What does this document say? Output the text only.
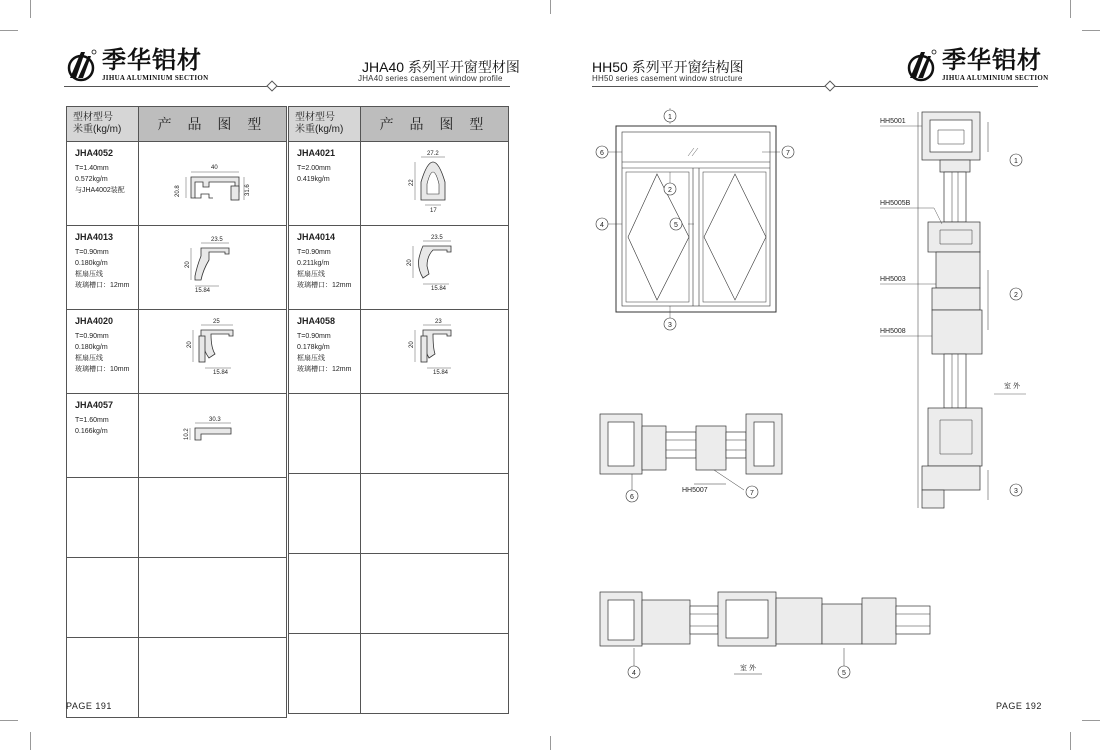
季华铝材
JIHUA ALUMINIUM SECTION
JHA40 系列平开窗型材图
JHA40 series casement window profile
型材型号
米重(kg/m)	产 品 图 型

JHA4052
T=1.40mm
0.572kg/m
与JHA4002装配	40
20.8 31.6

JHA4013
T=0.90mm
0.180kg/m
框扇压线
玻璃槽口：12mm	23.5
20
15.84

JHA4020
T=0.90mm
0.180kg/m
框扇压线
玻璃槽口：10mm	25
20
15.84

JHA4057
T=1.60mm
0.166kg/m	30.3
10.2

型材型号
米重(kg/m)	产 品 图 型

JHA4021
T=2.00mm
0.419kg/m	27.2
22
17

JHA4014
T=0.90mm
0.211kg/m
框扇压线
玻璃槽口：12mm	23.5
20
15.84

JHA4058
T=0.90mm
0.178kg/m
框扇压线
玻璃槽口：12mm	23
20
15.84

PAGE 191
HH50 系列平开窗结构图
HH50 series casement window structure
季华铝材
JIHUA ALUMINIUM SECTION
1
2
3
4	5
6	7
HH5001
HH5005B
HH5003
HH5008
1
2
3
室 外
6
7
HH5007
4	5
室 外
PAGE 192
